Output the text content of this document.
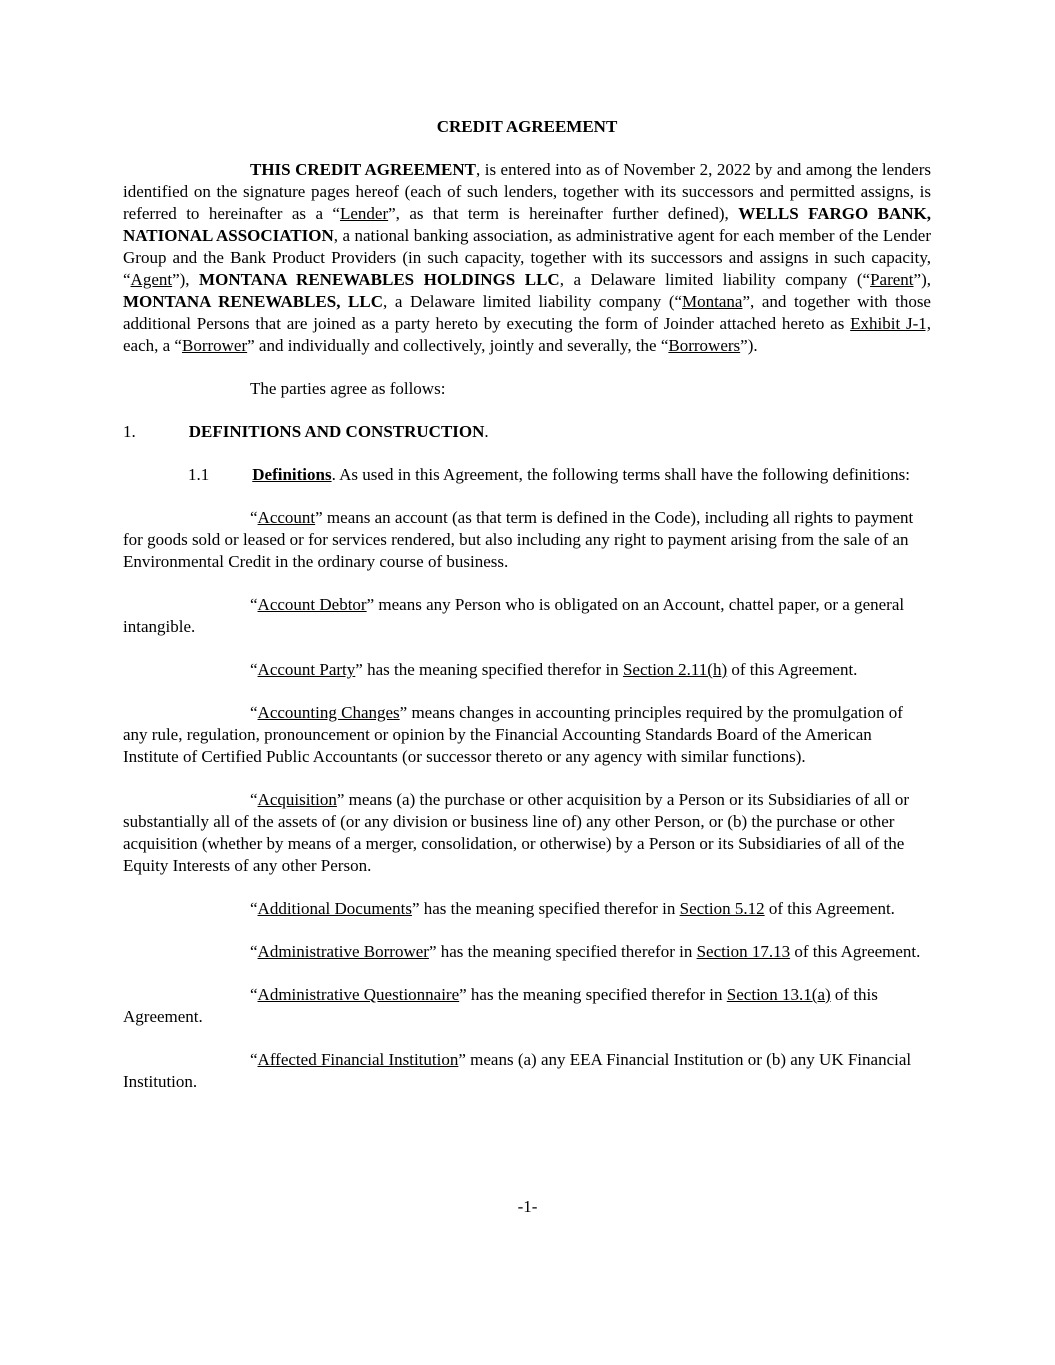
CREDIT AGREEMENT

THIS CREDIT AGREEMENT, is entered into as of November 2, 2022 by and among the lenders identified on the signature pages hereof (each of such lenders, together with its successors and permitted assigns, is referred to hereinafter as a “Lender”, as that term is hereinafter further defined), WELLS FARGO BANK, NATIONAL ASSOCIATION, a national banking association, as administrative agent for each member of the Lender Group and the Bank Product Providers (in such capacity, together with its successors and assigns in such capacity, “Agent”), MONTANA RENEWABLES HOLDINGS LLC, a Delaware limited liability company (“Parent”), MONTANA RENEWABLES, LLC, a Delaware limited liability company (“Montana”, and together with those additional Persons that are joined as a party hereto by executing the form of Joinder attached hereto as Exhibit J-1, each, a “Borrower” and individually and collectively, jointly and severally, the “Borrowers”).

The parties agree as follows:

1.	DEFINITIONS AND CONSTRUCTION.

1.1	Definitions. As used in this Agreement, the following terms shall have the following definitions:

“Account” means an account (as that term is defined in the Code), including all rights to payment for goods sold or leased or for services rendered, but also including any right to payment arising from the sale of an Environmental Credit in the ordinary course of business.

“Account Debtor” means any Person who is obligated on an Account, chattel paper, or a general intangible.

“Account Party” has the meaning specified therefor in Section 2.11(h) of this Agreement.

“Accounting Changes” means changes in accounting principles required by the promulgation of any rule, regulation, pronouncement or opinion by the Financial Accounting Standards Board of the American Institute of Certified Public Accountants (or successor thereto or any agency with similar functions).

“Acquisition” means (a) the purchase or other acquisition by a Person or its Subsidiaries of all or substantially all of the assets of (or any division or business line of) any other Person, or (b) the purchase or other acquisition (whether by means of a merger, consolidation, or otherwise) by a Person or its Subsidiaries of all of the Equity Interests of any other Person.

“Additional Documents” has the meaning specified therefor in Section 5.12 of this Agreement.

“Administrative Borrower” has the meaning specified therefor in Section 17.13 of this Agreement.

“Administrative Questionnaire” has the meaning specified therefor in Section 13.1(a) of this Agreement.

“Affected Financial Institution” means (a) any EEA Financial Institution or (b) any UK Financial Institution.

-1-
